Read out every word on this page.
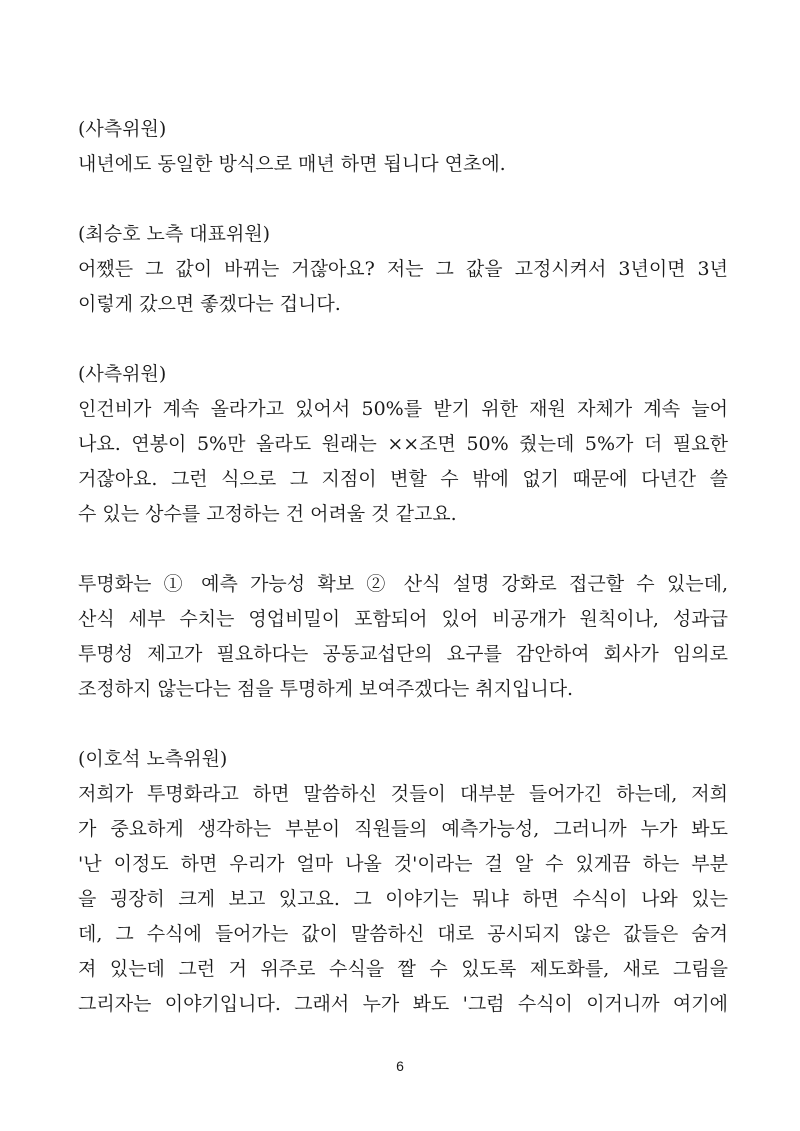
(사측위원)
내년에도 동일한 방식으로 매년 하면 됩니다 연초에.
(최승호 노측 대표위원)
어쨌든 그 값이 바뀌는 거잖아요? 저는 그 값을 고정시켜서 3년이면 3년
이렇게 갔으면 좋겠다는 겁니다.
(사측위원)
인건비가 계속 올라가고 있어서 50%를 받기 위한 재원 자체가 계속 늘어
나요. 연봉이 5%만 올라도 원래는 ××조면 50% 줬는데 5%가 더 필요한
거잖아요. 그런 식으로 그 지점이 변할 수 밖에 없기 때문에 다년간 쓸
수 있는 상수를 고정하는 건 어려울 것 같고요.
투명화는 ① 예측 가능성 확보 ② 산식 설명 강화로 접근할 수 있는데,
산식 세부 수치는 영업비밀이 포함되어 있어 비공개가 원칙이나, 성과급
투명성 제고가 필요하다는 공동교섭단의 요구를 감안하여 회사가 임의로
조정하지 않는다는 점을 투명하게 보여주겠다는 취지입니다.
(이호석 노측위원)
저희가 투명화라고 하면 말씀하신 것들이 대부분 들어가긴 하는데, 저희
가 중요하게 생각하는 부분이 직원들의 예측가능성, 그러니까 누가 봐도
'난 이정도 하면 우리가 얼마 나올 것'이라는 걸 알 수 있게끔 하는 부분
을 굉장히 크게 보고 있고요. 그 이야기는 뭐냐 하면 수식이 나와 있는
데, 그 수식에 들어가는 값이 말씀하신 대로 공시되지 않은 값들은 숨겨
져 있는데 그런 거 위주로 수식을 짤 수 있도록 제도화를, 새로 그림을
그리자는 이야기입니다. 그래서 누가 봐도 '그럼 수식이 이거니까 여기에
6
